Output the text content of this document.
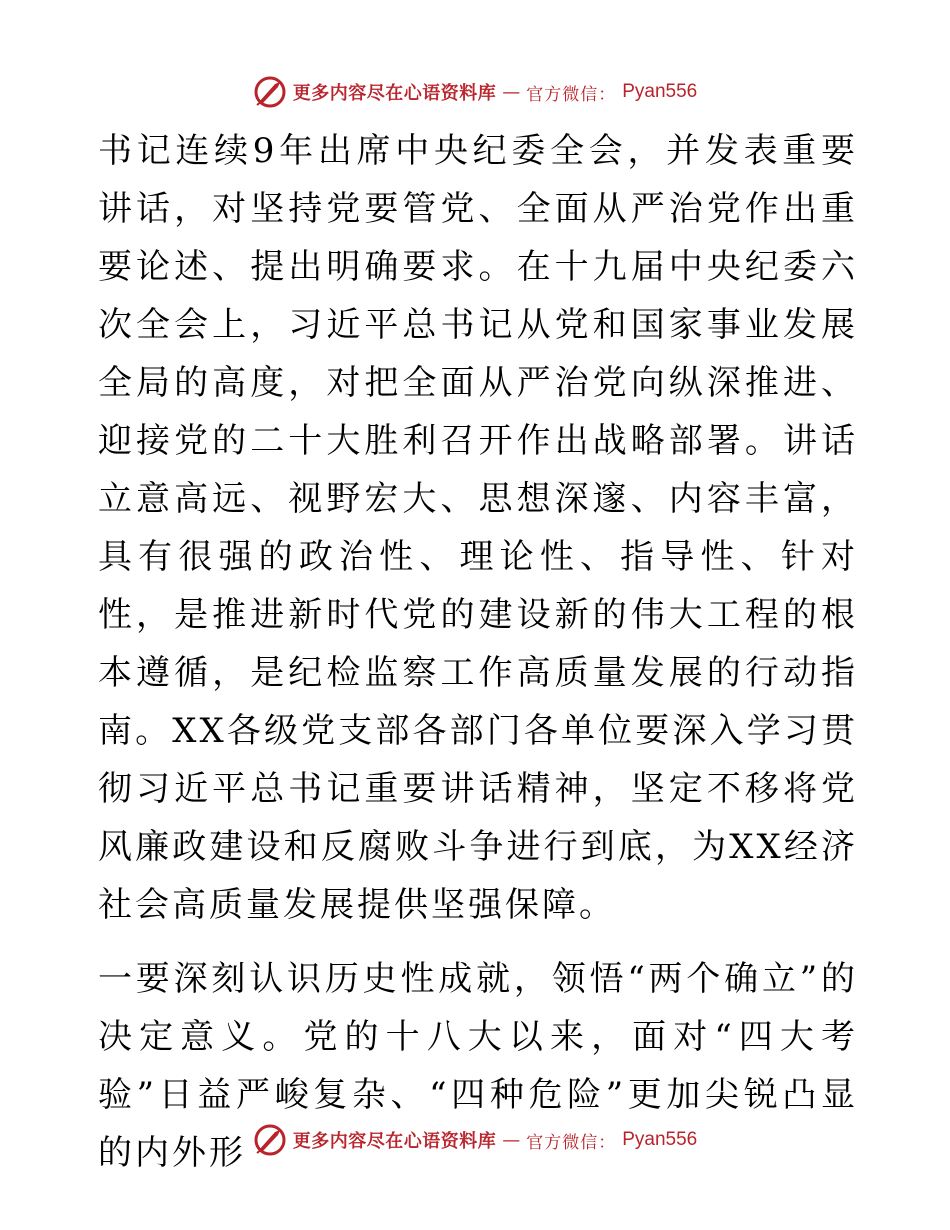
更多内容尽在心语资料库 — 官方微信： Pyan556

书记连续9年出席中央纪委全会，并发表重要讲话，对坚持党要管党、全面从严治党作出重要论述、提出明确要求。在十九届中央纪委六次全会上，习近平总书记从党和国家事业发展全局的高度，对把全面从严治党向纵深推进、迎接党的二十大胜利召开作出战略部署。讲话立意高远、视野宏大、思想深邃、内容丰富，具有很强的政治性、理论性、指导性、针对性，是推进新时代党的建设新的伟大工程的根本遵循，是纪检监察工作高质量发展的行动指南。XX各级党支部各部门各单位要深入学习贯彻习近平总书记重要讲话精神，坚定不移将党风廉政建设和反腐败斗争进行到底，为XX经济社会高质量发展提供坚强保障。

一要深刻认识历史性成就，领悟“两个确立”的决定意义。党的十八大以来，面对“四大考验”日益严峻复杂、“四种危险”更加尖锐凸显的内外形	更多内容尽在心语资料库 — 官方微信： Pyan556
